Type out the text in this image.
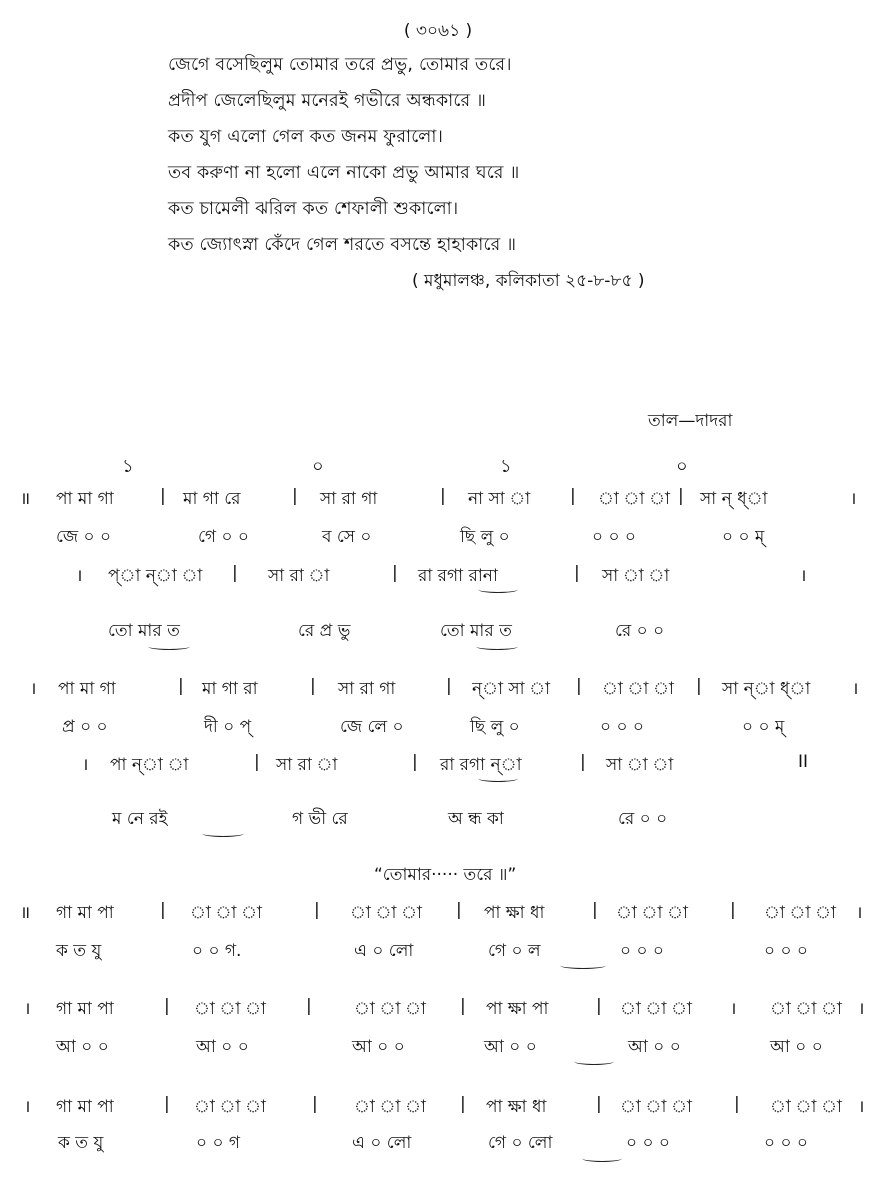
( ৩০৬১ )
জেগে বসেছিলুম তোমার তরে প্রভু, তোমার তরে।
প্রদীপ জেলেছিলুম মনেরই গভীরে অন্ধকারে ॥
কত যুগ এলো গেল কত জনম ফুরালো।
তব করুণা না হলো এলে নাকো প্রভু আমার ঘরে ॥
কত চামেলী ঝরিল কত শেফালী শুকালো।
কত জ্যোৎস্না কেঁদে গেল শরতে বসন্তে হাহাকারে ॥
( মধুমালঞ্চ, কলিকাতা ২৫-৮-৮৫ )
তাল—দাদরা
১	০	১	০
“তোমার····· তরে ॥”
॥ পা মা গা	| মা গা রে	| সা রা গা	| না সা া | া া া | সা ন্ ধ্া	।
জে ০ ০	গে ০ ০	ব সে ০	ছি লু ০	০ ০ ০	০ ০ ম্
। প্া ন্া া | সা রা া	| রা রগা রানা	| সা া া	।
তো মার ত	রে প্র ভু	তো মার ত	রে ০ ০
। পা মা গা	| মা গা রা	| সা রা গা	| ন্া সা া | া া া | সা ন্া ধ্া ।
প্র ০ ০	দী ০ প্	জে লে ০	ছি লু ০	০ ০ ০	০ ০ ম্
। পা ন্া া	| সা রা া	| রা রগা ন্া	| সা া া	II
ম নে রই	গ ভী রে	অ ন্ধ কা	রে ০ ০
॥ গা মা পা	| া া া	| া া া | পা ক্ষা ধা	| া া া | া া া ।
ক ত যু	০ ০ গ.	এ ০ লো	গে ০ ল	০ ০ ০	০ ০ ০
। গা মা পা	| া া া | া া া | পা ক্ষা পা	| া া া । া া া ।
আ ০ ০	আ ০ ০	আ ০ ০	আ ০ ০	আ ০ ০	আ ০ ০
। গা মা পা	| া া া	| া া া | পা ক্ষা ধা	| া া া | া া া ।
ক ত যু	০ ০ গ	এ ০ লো	গে ০ লো	০ ০ ০	০ ০ ০
